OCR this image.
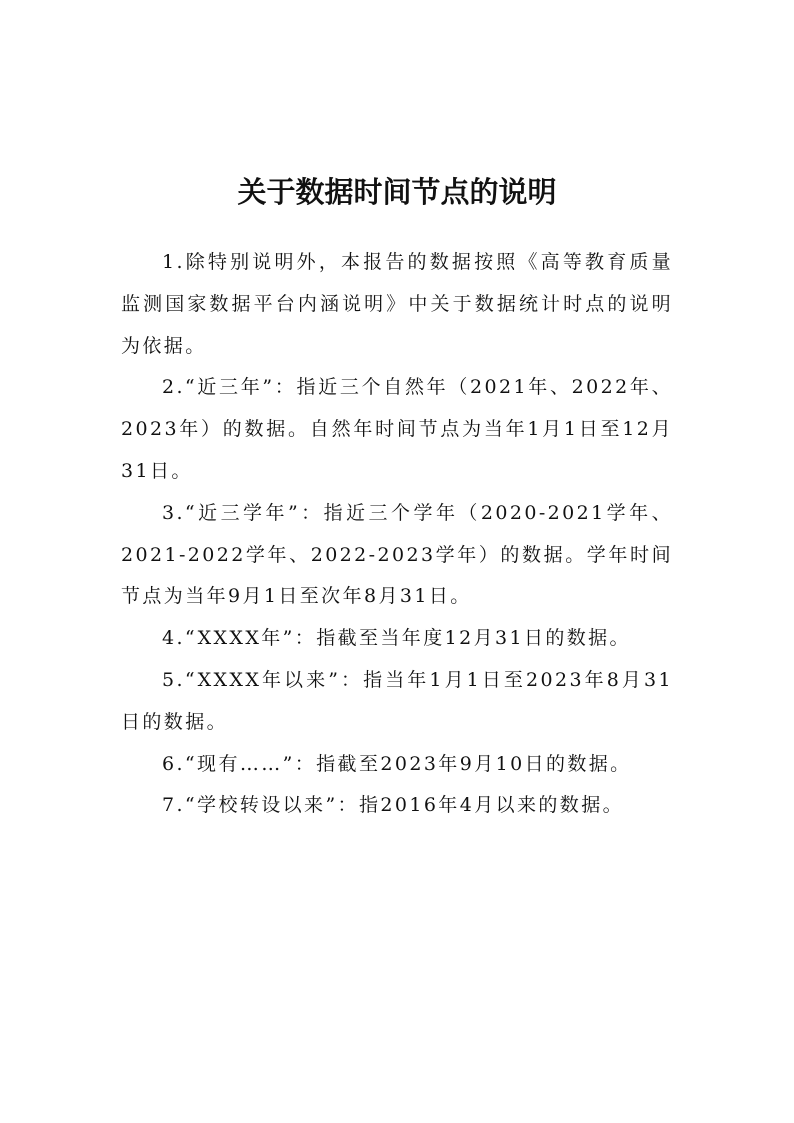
关于数据时间节点的说明

1.除特别说明外，本报告的数据按照《高等教育质量监测国家数据平台内涵说明》中关于数据统计时点的说明为依据。

2.“近三年”：指近三个自然年（2021年、2022年、2023年）的数据。自然年时间节点为当年1月1日至12月31日。

3.“近三学年”：指近三个学年（2020-2021学年、2021-2022学年、2022-2023学年）的数据。学年时间节点为当年9月1日至次年8月31日。

4.“XXXX年”：指截至当年度12月31日的数据。

5.“XXXX年以来”：指当年1月1日至2023年8月31日的数据。

6.“现有……”：指截至2023年9月10日的数据。

7.“学校转设以来”：指2016年4月以来的数据。
